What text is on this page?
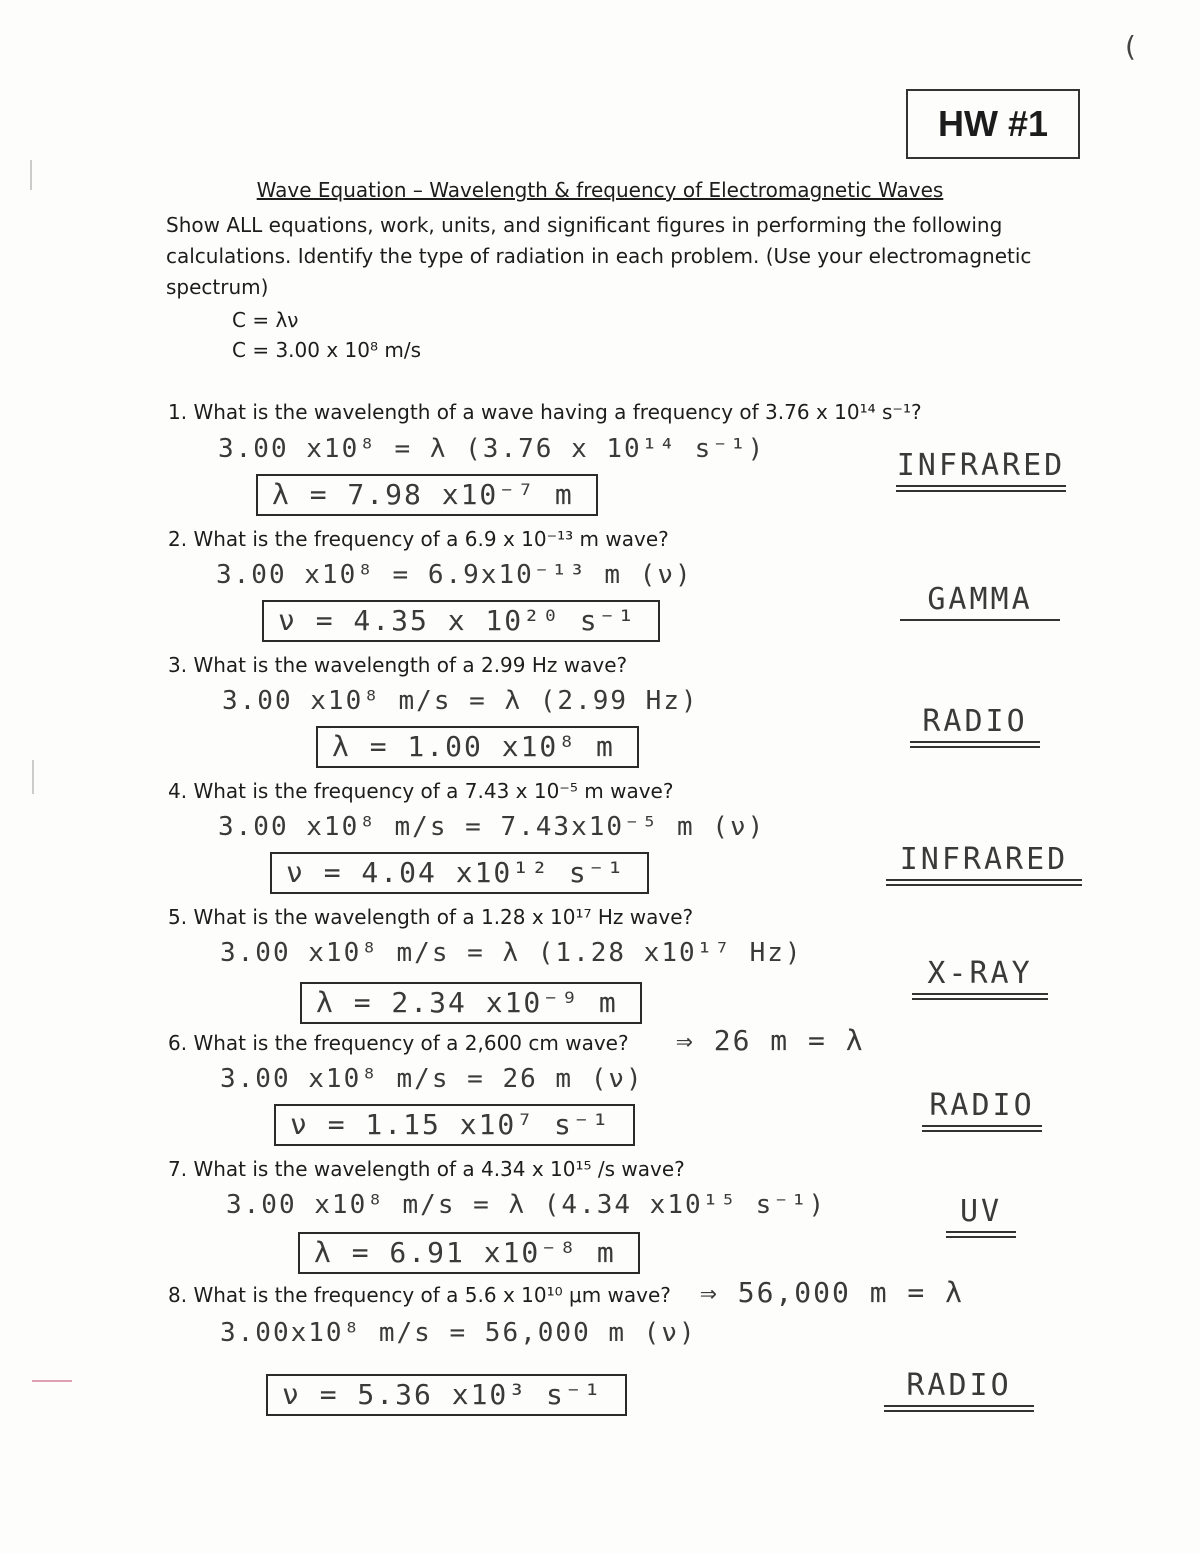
(
HW #1
Wave Equation – Wavelength & frequency of Electromagnetic Waves
Show ALL equations, work, units, and significant figures in performing the following calculations. Identify the type of radiation in each problem. (Use your electromagnetic spectrum)
C = λν
C = 3.00 x 10⁸ m/s
1. What is the wavelength of a wave having a frequency of 3.76 x 10¹⁴ s⁻¹?
3.00 x10⁸ = λ (3.76 x 10¹⁴ s⁻¹)
λ = 7.98 x10⁻⁷ m
INFRARED
2. What is the frequency of a 6.9 x 10⁻¹³ m wave?
3.00 x10⁸ = 6.9x10⁻¹³ m (ν)
ν = 4.35 x 10²⁰ s⁻¹
GAMMA
3. What is the wavelength of a 2.99 Hz wave?
3.00 x10⁸ m/s = λ (2.99 Hz)
λ = 1.00 x10⁸ m
RADIO
4. What is the frequency of a 7.43 x 10⁻⁵ m wave?
3.00 x10⁸ m/s = 7.43x10⁻⁵ m (ν)
ν = 4.04 x10¹² s⁻¹	INFRARED
5. What is the wavelength of a 1.28 x 10¹⁷ Hz wave?
3.00 x10⁸ m/s = λ (1.28 x10¹⁷ Hz)
λ = 2.34 x10⁻⁹ m
X-RAY
6. What is the frequency of a 2,600 cm wave? ⇒ 26 m = λ
3.00 x10⁸ m/s = 26 m (ν)
ν = 1.15 x10⁷ s⁻¹
RADIO
7. What is the wavelength of a 4.34 x 10¹⁵ /s wave?
3.00 x10⁸ m/s = λ (4.34 x10¹⁵ s⁻¹)
λ = 6.91 x10⁻⁸ m
UV
8. What is the frequency of a 5.6 x 10¹⁰ μm wave? ⇒ 56,000 m = λ
3.00x10⁸ m/s = 56,000 m (ν)
ν = 5.36 x10³ s⁻¹	RADIO
